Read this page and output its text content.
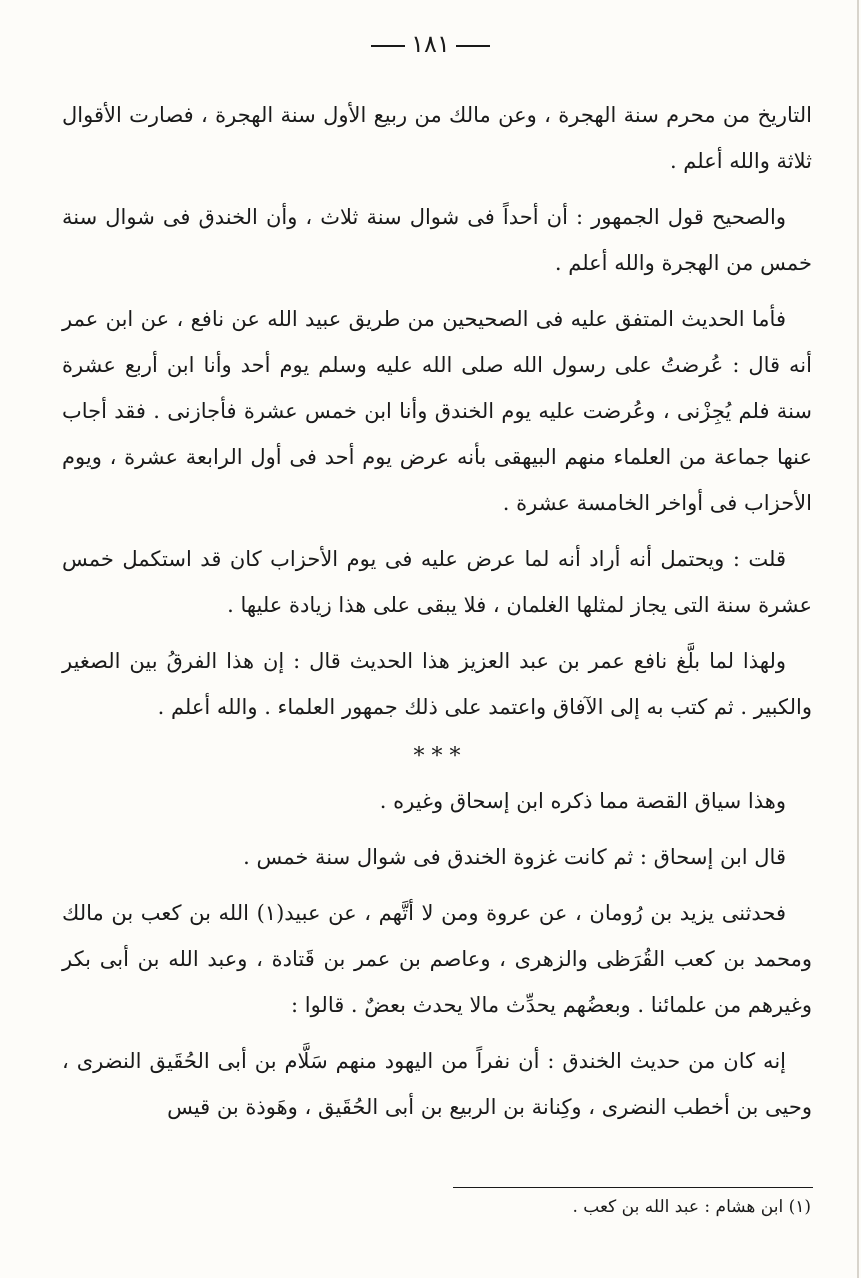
١٨١

التاريخ من محرم سنة الهجرة ، وعن مالك من ربيع الأول سنة الهجرة ، فصارت الأقوال ثلاثة والله أعلم .

والصحيح قول الجمهور : أن أحداً فى شوال سنة ثلاث ، وأن الخندق فى شوال سنة خمس من الهجرة والله أعلم .

فأما الحديث المتفق عليه فى الصحيحين من طريق عبيد الله عن نافع ، عن ابن عمر أنه قال : عُرضتُ على رسول الله صلى الله عليه وسلم يوم أحد وأنا ابن أربع عشرة سنة فلم يُجِزْنى ، وعُرضت عليه يوم الخندق وأنا ابن خمس عشرة فأجازنى . فقد أجاب عنها جماعة من العلماء منهم البيهقى بأنه عرض يوم أحد فى أول الرابعة عشرة ، ويوم الأحزاب فى أواخر الخامسة عشرة .

قلت : ويحتمل أنه أراد أنه لما عرض عليه فى يوم الأحزاب كان قد استكمل خمس عشرة سنة التى يجاز لمثلها الغلمان ، فلا يبقى على هذا زيادة عليها .

ولهذا لما بلَّغ نافع عمر بن عبد العزيز هذا الحديث قال : إن هذا الفرقُ بين الصغير والكبير . ثم كتب به إلى الآفاق واعتمد على ذلك جمهور العلماء . والله أعلم .

* * *

وهذا سياق القصة مما ذكره ابن إسحاق وغيره .

قال ابن إسحاق : ثم كانت غزوة الخندق فى شوال سنة خمس .

فحدثنى يزيد بن رُومان ، عن عروة ومن لا أتَّهم ، عن عبيد(١) الله بن كعب بن مالك ومحمد بن كعب القُرَظى والزهرى ، وعاصم بن عمر بن قَتادة ، وعبد الله بن أبى بكر وغيرهم من علمائنا . وبعضُهم يحدِّث مالا يحدث بعضٌ . قالوا :

إنه كان من حديث الخندق : أن نفراً من اليهود منهم سَلَّام بن أبى الحُقَيق النضرى ، وحيى بن أخطب النضرى ، وكِنانة بن الربيع بن أبى الحُقَيق ، وهَوذة بن قيس

(١) ابن هشام : عبد الله بن كعب .
